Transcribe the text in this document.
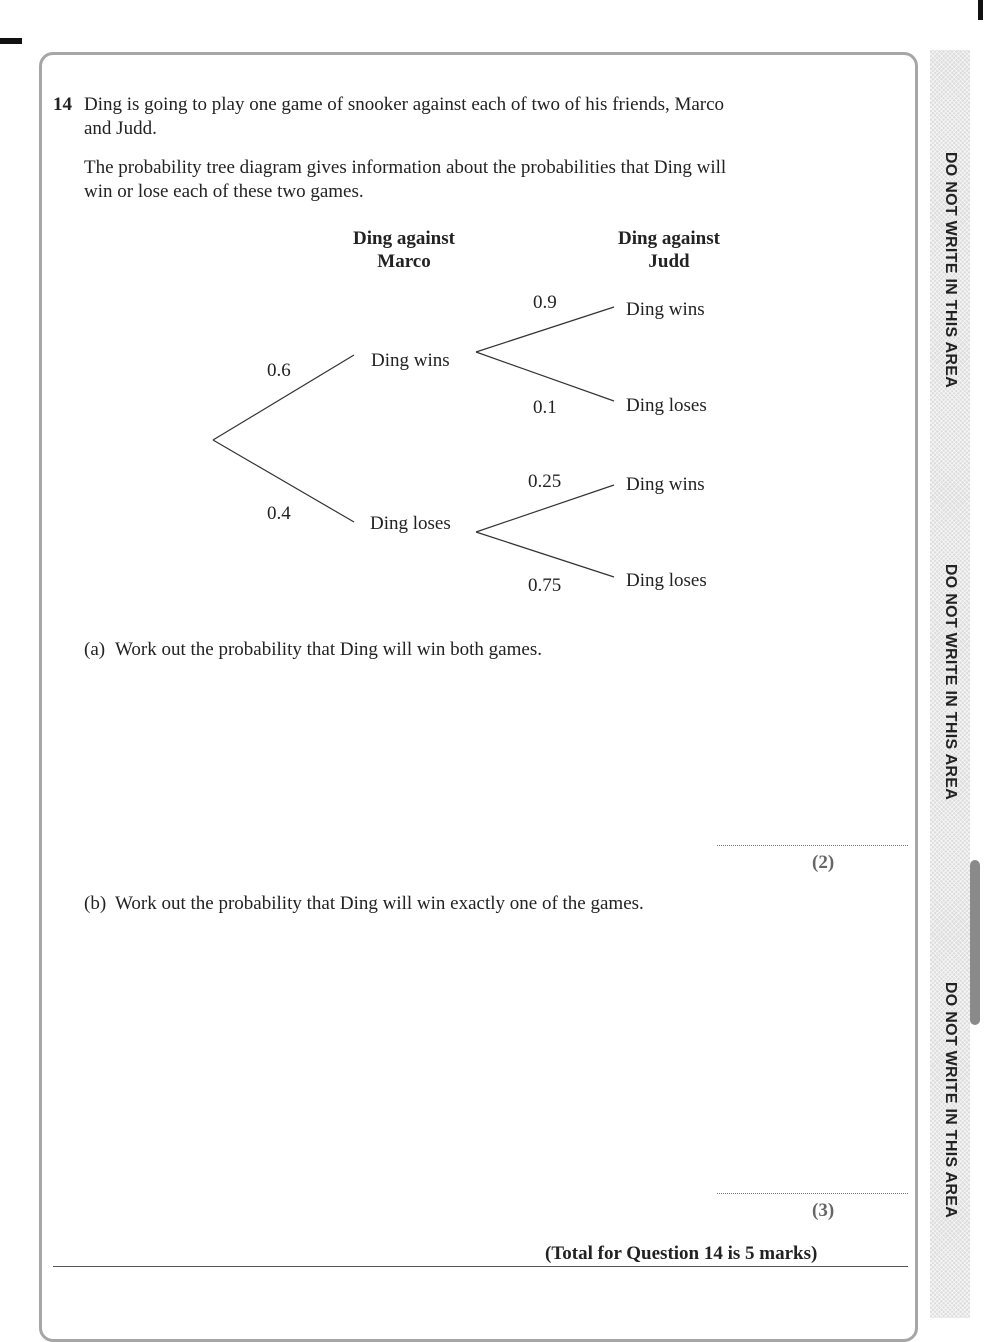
DO NOT WRITE IN THIS AREA
DO NOT WRITE IN THIS AREA
DO NOT WRITE IN THIS AREA
14 Ding is going to play one game of snooker against each of two of his friends, Marco
and Judd.
The probability tree diagram gives information about the probabilities that Ding will
win or lose each of these two games.
Ding against
Marco
Ding against
Judd
0.6
0.4
Ding wins
Ding loses
0.9
0.1
Ding wins
Ding loses
0.25
0.75
Ding wins
Ding loses
(a) Work out the probability that Ding will win both games.
(2)
(b) Work out the probability that Ding will win exactly one of the games.
(3)
(Total for Question 14 is 5 marks)
